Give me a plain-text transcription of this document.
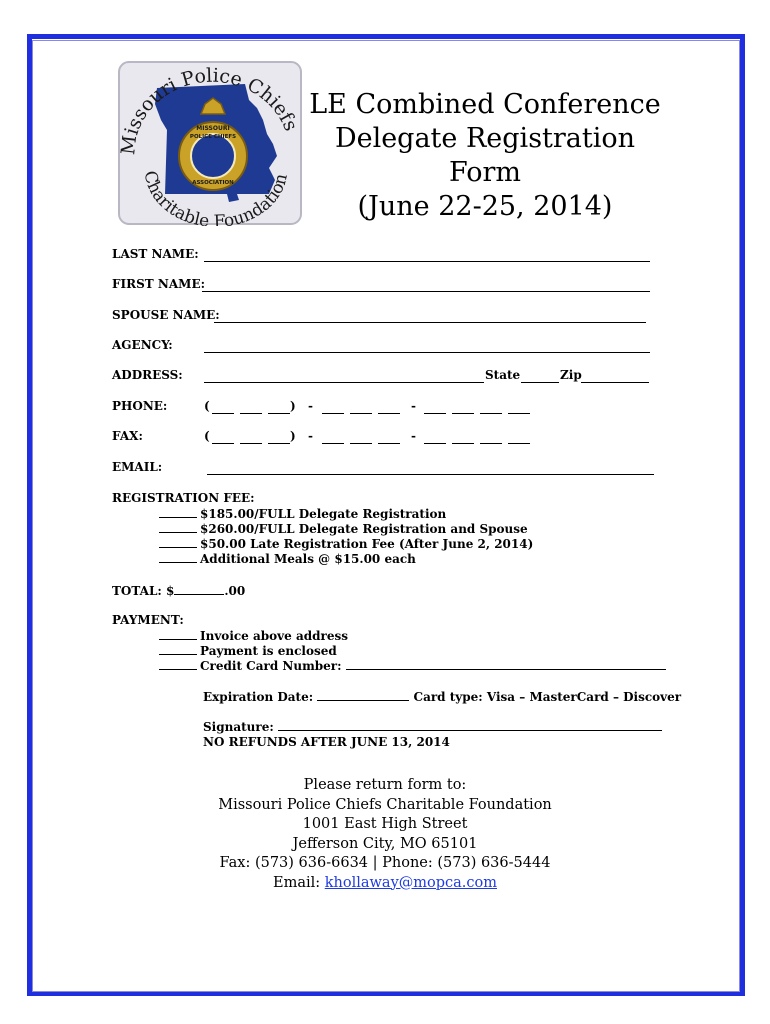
MISSOURI
POLICE CHIEFS
ASSOCIATION
Missouri Police Chiefs
Charitable Foundation
LE Combined Conference
Delegate Registration Form
(June 22-25, 2014)
LAST NAME:
FIRST NAME:
SPOUSE NAME:
AGENCY:
ADDRESS:	State	Zip
PHONE:	(	) -	-
FAX:	(	) -	-
EMAIL:
REGISTRATION FEE:
$185.00/FULL Delegate Registration
$260.00/FULL Delegate Registration and Spouse
$50.00 Late Registration Fee (After June 2, 2014)
Additional Meals @ $15.00 each
TOTAL: $	.00
PAYMENT:
Invoice above address
Payment is enclosed
Credit Card Number:
Expiration Date:	Card type: Visa – MasterCard – Discover
Signature:
NO REFUNDS AFTER JUNE 13, 2014
Please return form to:
Missouri Police Chiefs Charitable Foundation
1001 East High Street
Jefferson City, MO 65101
Fax: (573) 636-6634 | Phone: (573) 636-5444
Email: khollaway@mopca.com
